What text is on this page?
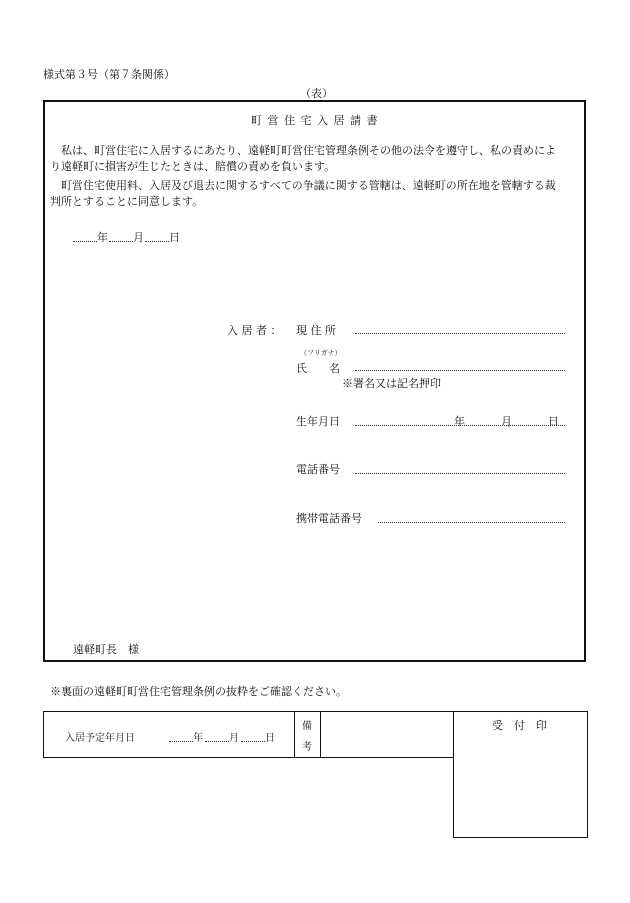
様式第３号（第７条関係）
（表）
町 営 住 宅 入 居 請 書
私は、町営住宅に入居するにあたり、遠軽町町営住宅管理条例その他の法令を遵守し、私の責めによ
り遠軽町に損害が生じたときは、賠償の責めを負います。
町営住宅使用料、入居及び退去に関するすべての争議に関する管轄は、遠軽町の所在地を管轄する裁
判所とすることに同意します。
年 月 日
入 居 者 ： 現 住 所
（フリガナ）
氏　　名
※署名又は記名押印
生年月日	年	月	日
電話番号
携帯電話番号
遠軽町長　様
※裏面の遠軽町町営住宅管理条例の抜粋をご確認ください。
入居予定年月日	年	月	日
備
考
受　付　印
